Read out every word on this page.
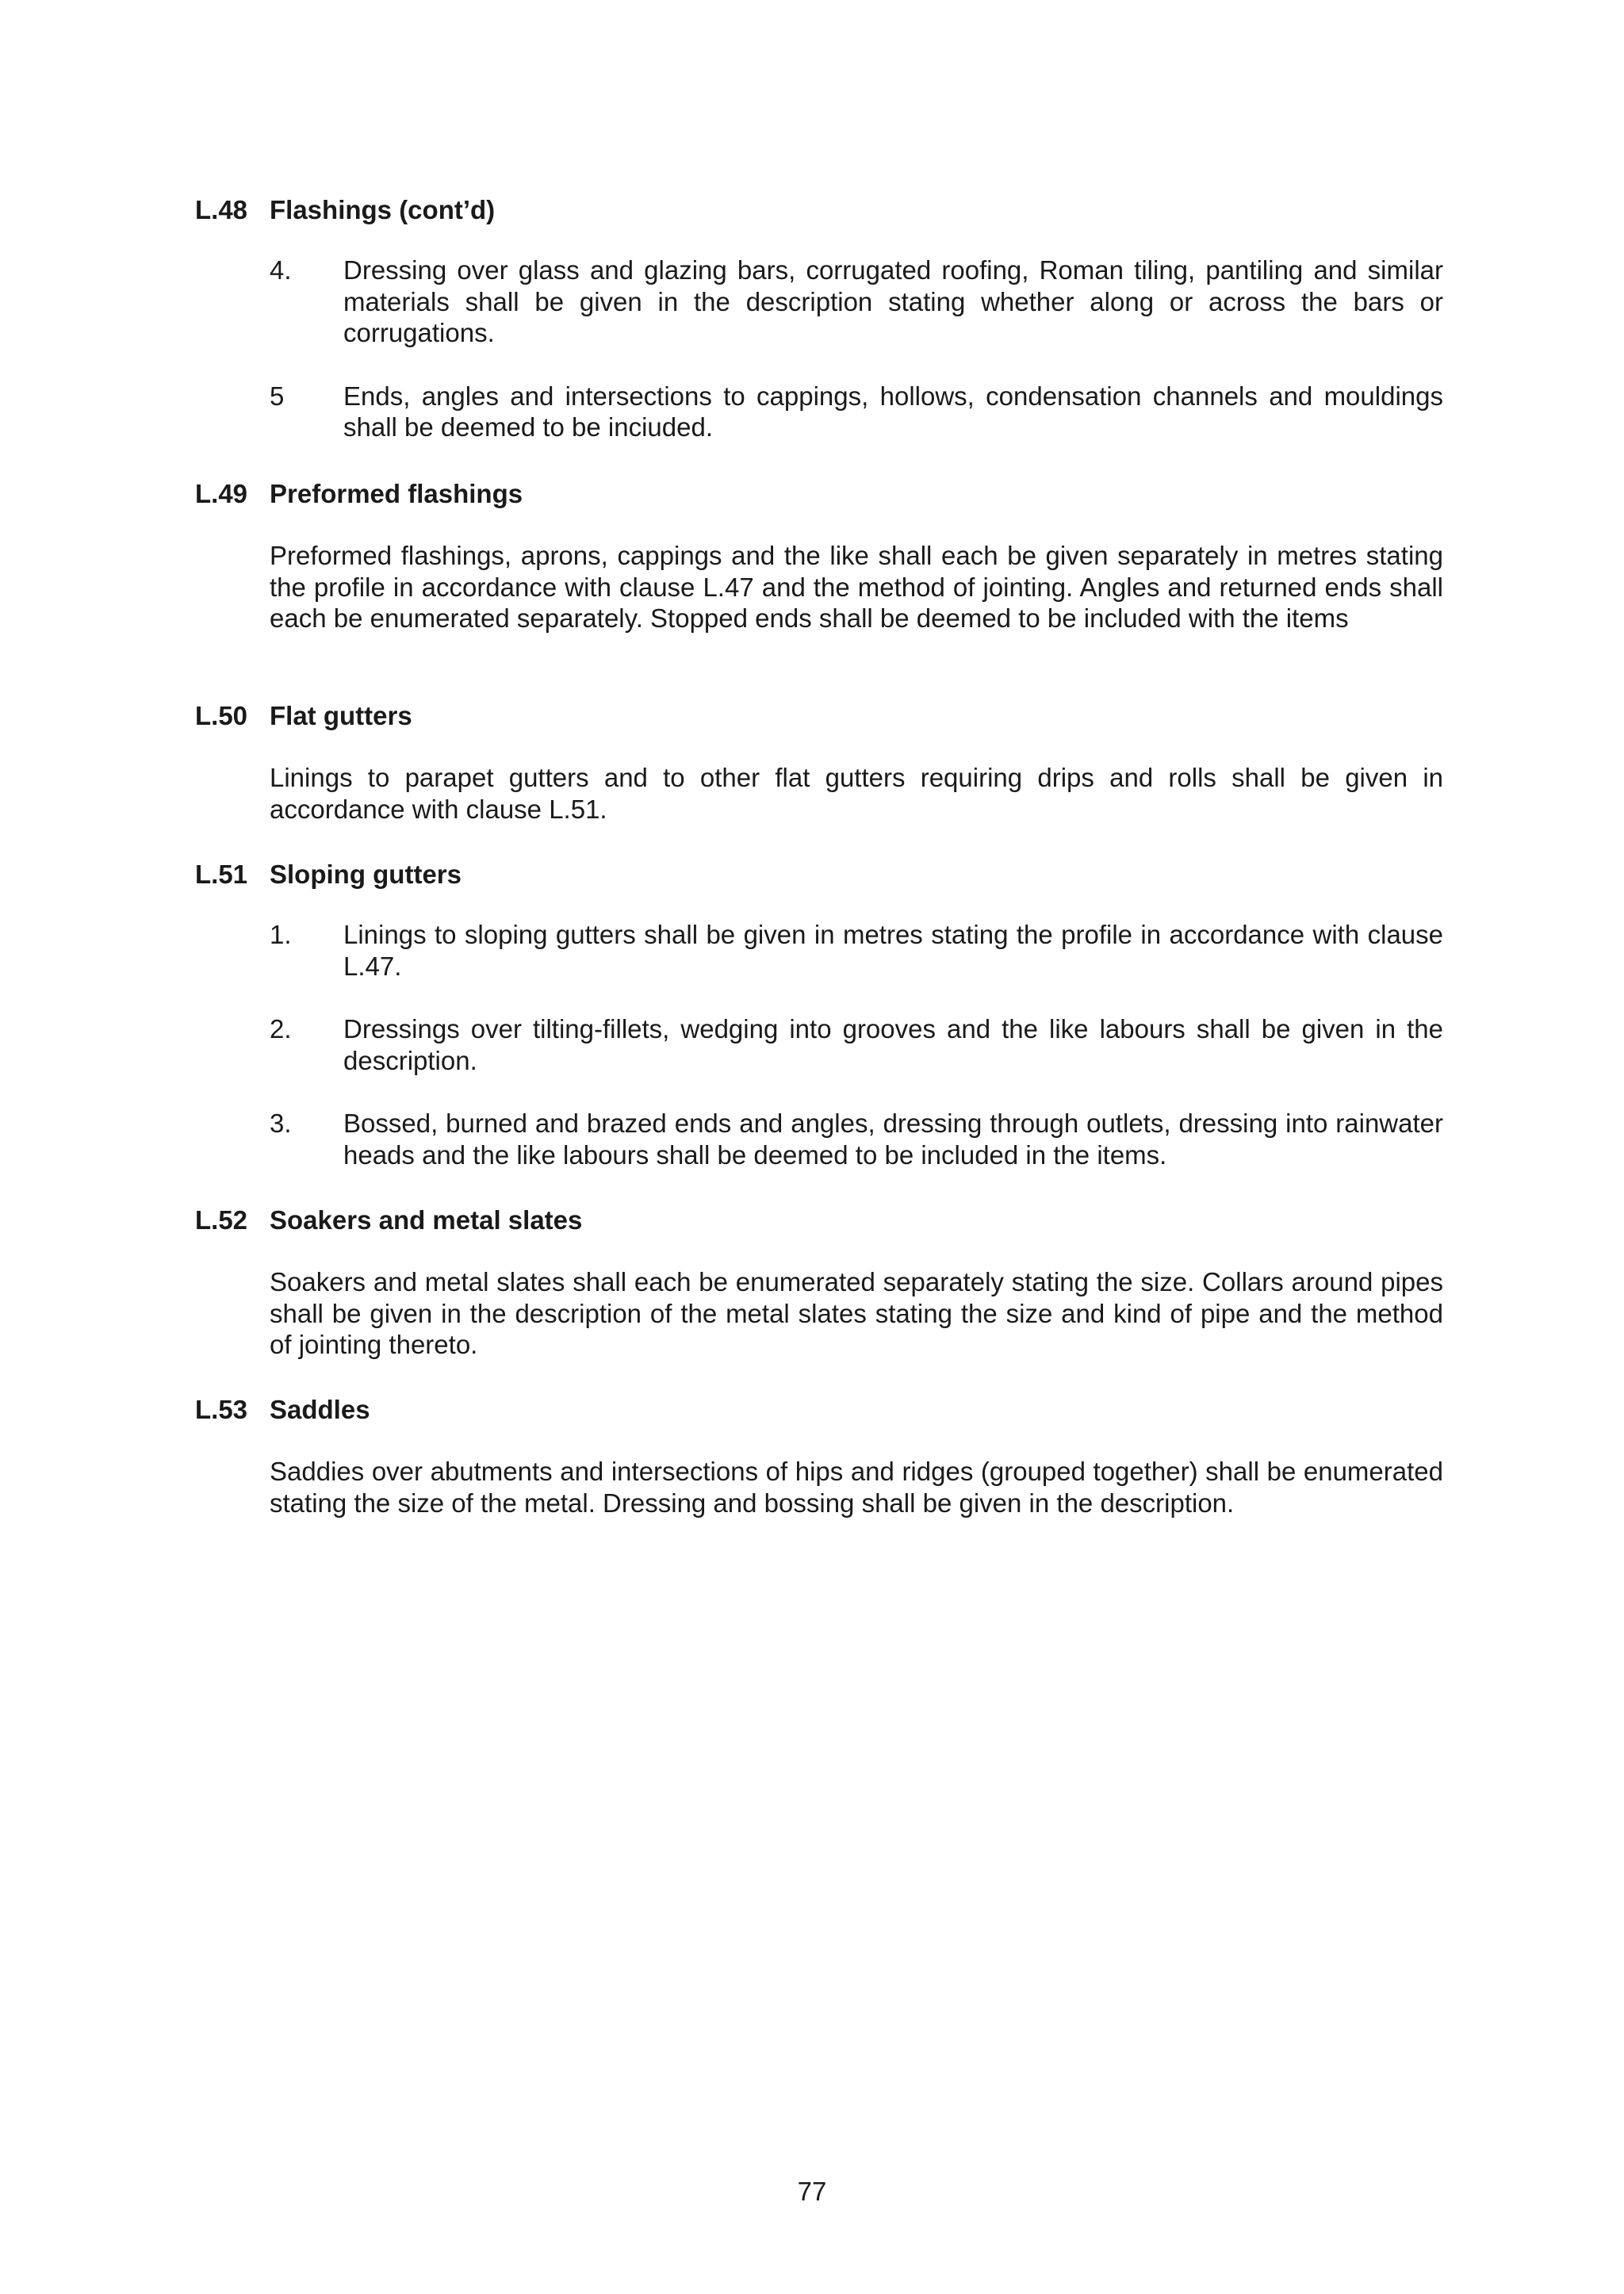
L.48 Flashings (cont’d)
4.	Dressing over glass and glazing bars, corrugated roofing, Roman tiling, pantiling and similar materials shall be given in the description stating whether along or across the bars or corrugations.
5	Ends, angles and intersections to cappings, hollows, condensation channels and mouldings shall be deemed to be inciuded.
L.49 Preformed flashings
Preformed flashings, aprons, cappings and the like shall each be given separately in metres stating the profile in accordance with clause L.47 and the method of jointing. Angles and returned ends shall each be enumerated separately. Stopped ends shall be deemed to be included with the items
L.50 Flat gutters
Linings to parapet gutters and to other flat gutters requiring drips and rolls shall be given in accordance with clause L.51.
L.51 Sloping gutters
1.	Linings to sloping gutters shall be given in metres stating the profile in accordance with clause L.47.
2.	Dressings over tilting-fillets, wedging into grooves and the like labours shall be given in the description.
3.	Bossed, burned and brazed ends and angles, dressing through outlets, dressing into rainwater heads and the like labours shall be deemed to be included in the items.
L.52 Soakers and metal slates
Soakers and metal slates shall each be enumerated separately stating the size. Collars around pipes shall be given in the description of the metal slates stating the size and kind of pipe and the method of jointing thereto.
L.53 Saddles
Saddies over abutments and intersections of hips and ridges (grouped together) shall be enumerated stating the size of the metal. Dressing and bossing shall be given in the description.
77
